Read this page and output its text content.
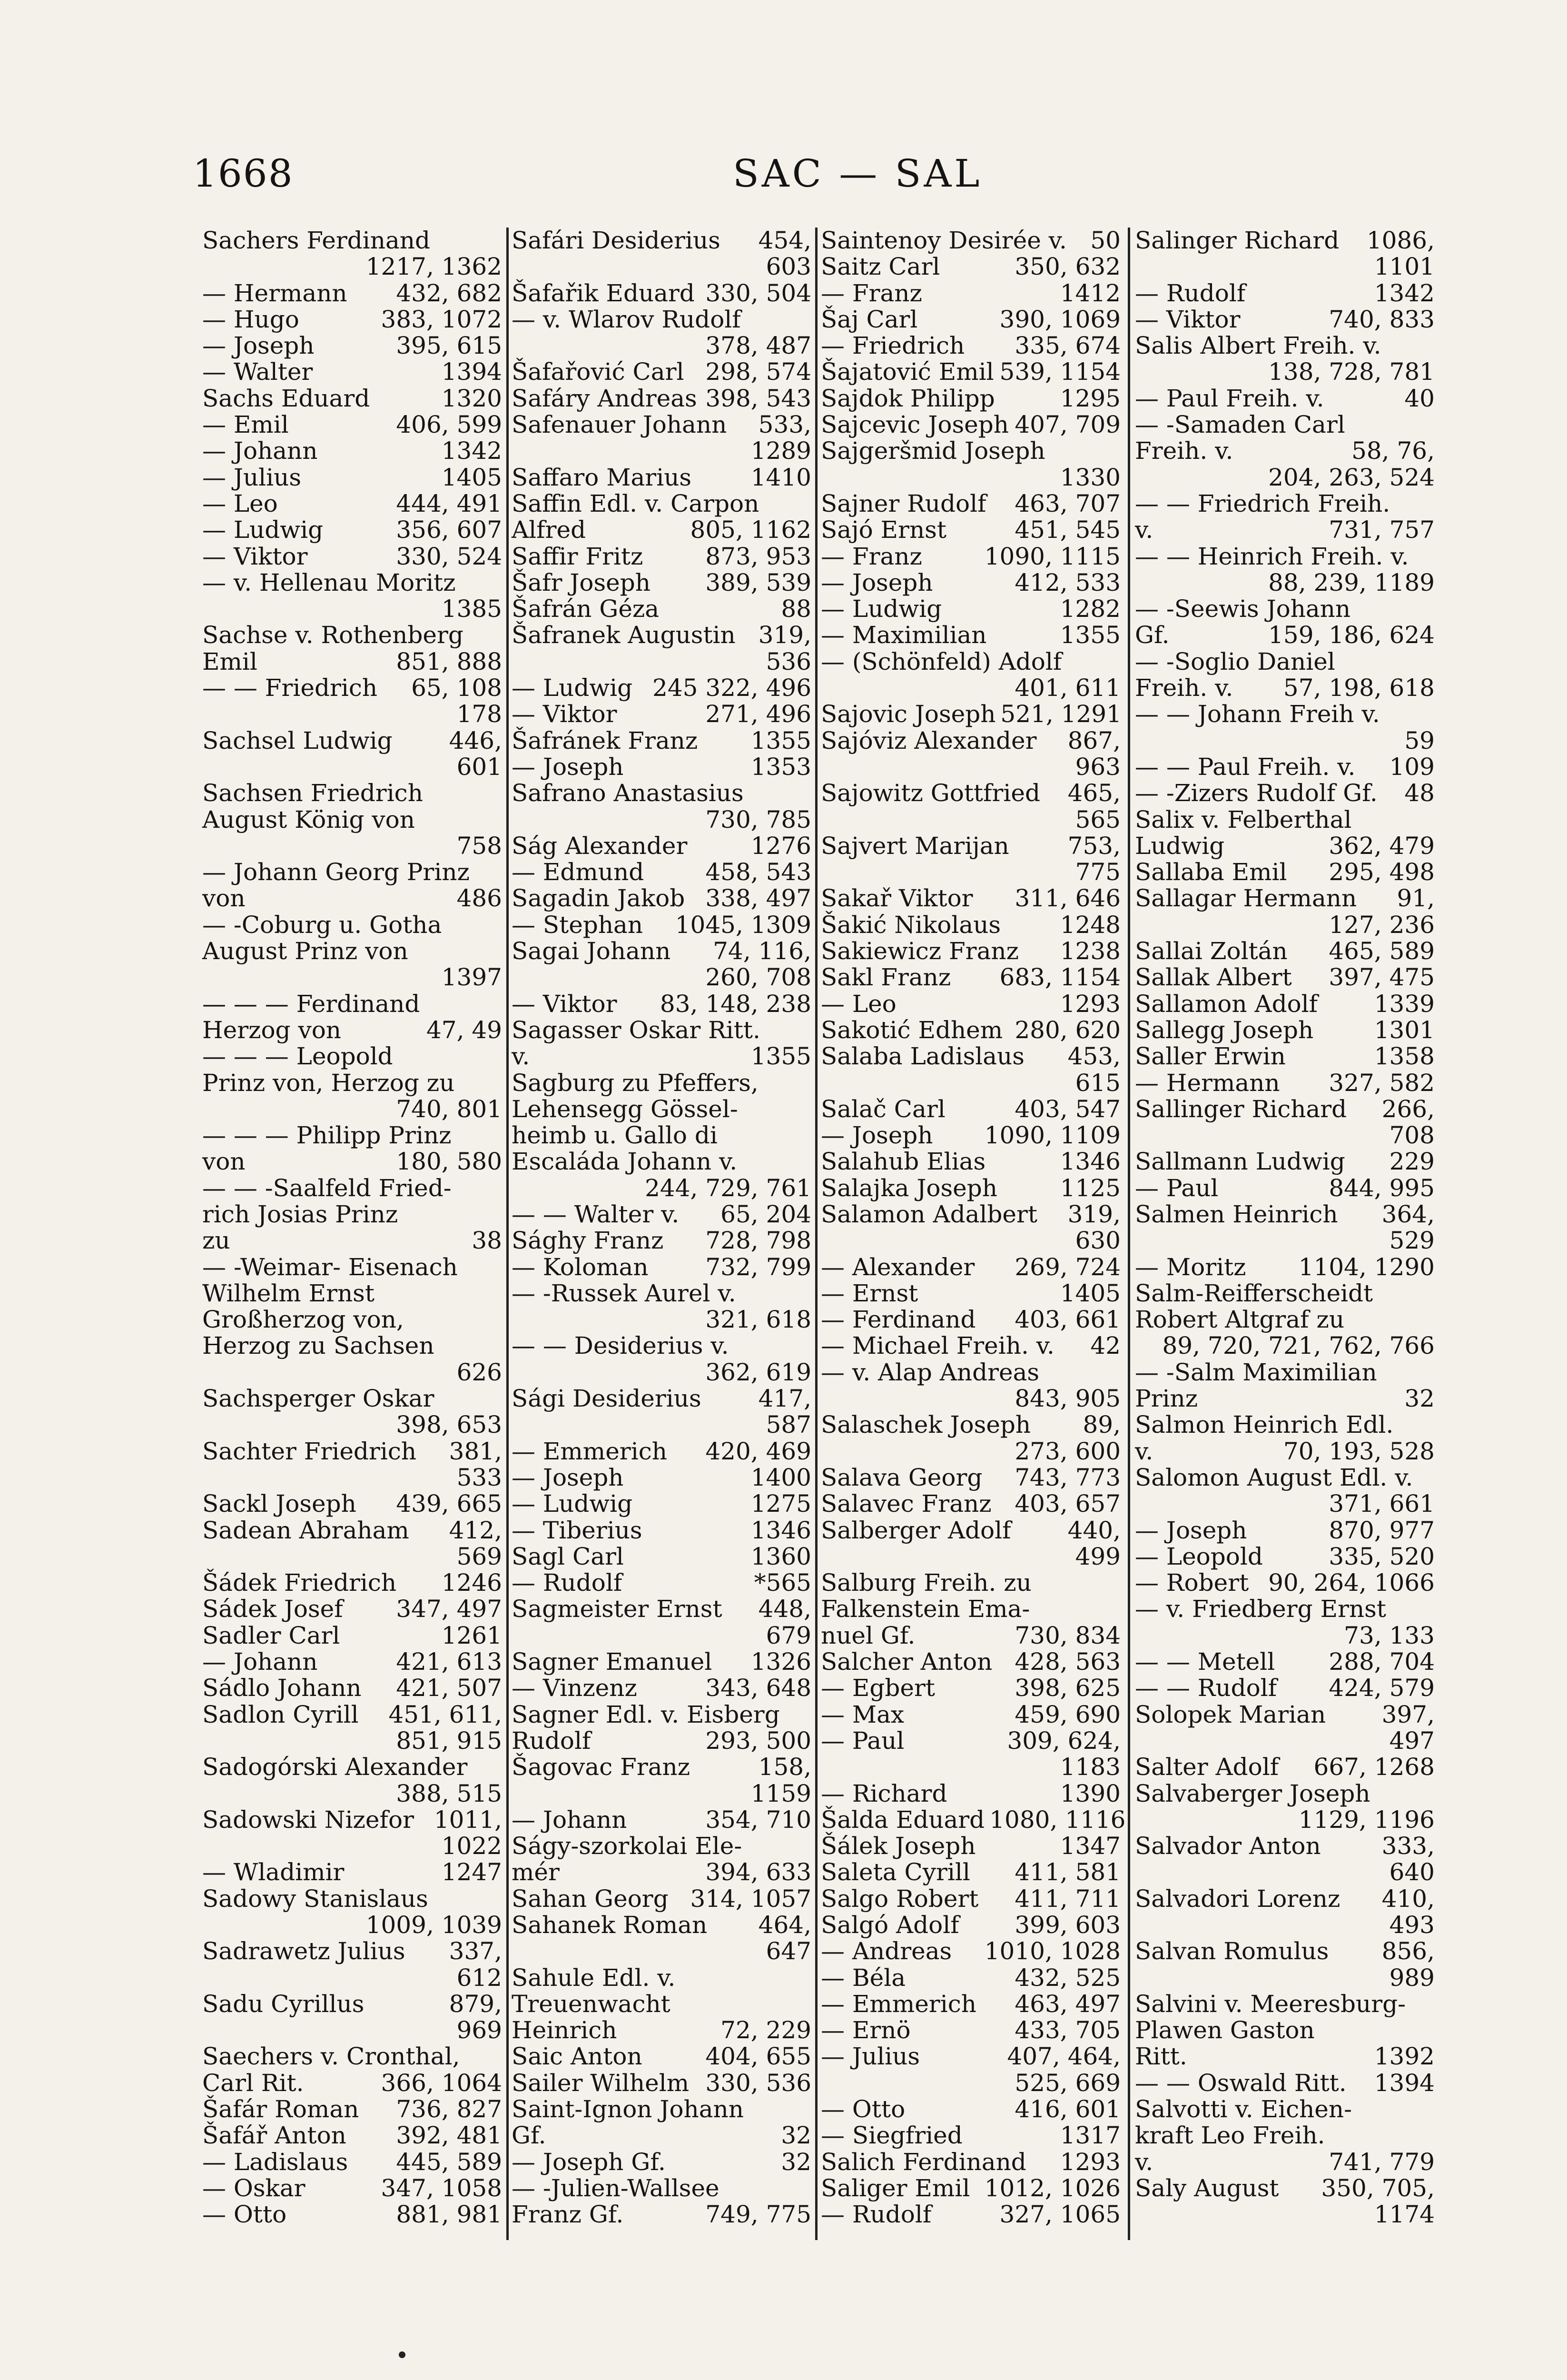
1668	SAC — SAL
Sachers Ferdinand
1217, 1362
— Hermann 432, 682
— Hugo	383, 1072
— Joseph	395, 615
— Walter	1394
Sachs Eduard	1320
— Emil	406, 599
— Johann	1342
— Julius	1405
— Leo	444, 491
— Ludwig	356, 607
— Viktor	330, 524
— v. Hellenau Moritz
1385
Sachse v. Rothenberg
Emil	851, 888
— — Friedrich 65, 108
178
Sachsel Ludwig 446,
601
Sachsen Friedrich
August König von
758
— Johann Georg Prinz
von	486
— -Coburg u. Gotha
August Prinz von
1397
— — — Ferdinand
Herzog von	47, 49
— — — Leopold
Prinz von, Herzog zu
740, 801
— — — Philipp Prinz
von	180, 580
— — -Saalfeld Fried-
rich Josias Prinz
zu	38
— -Weimar- Eisenach
Wilhelm Ernst
Großherzog von,
Herzog zu Sachsen
626
Sachsperger Oskar
398, 653
Sachter Friedrich 381,
533
Sackl Joseph 439, 665
Sadean Abraham 412,
569
Šádek Friedrich 1246
Sádek Josef 347, 497
Sadler Carl	1261
— Johann	421, 613
Sádlo Johann 421, 507
Sadlon Cyrill 451, 611,
851, 915
Sadogórski Alexander
388, 515
Sadowski Nizefor 1011,
1022
— Wladimir	1247
Sadowy Stanislaus
1009, 1039
Sadrawetz Julius 337,
612
Sadu Cyrillus	879,
969
Saechers v. Cronthal,
Carl Rit.	366, 1064
Šafár Roman 736, 827
Šafář Anton 392, 481
— Ladislaus 445, 589
— Oskar	347, 1058
— Otto	881, 981
Safári Desiderius 454,
603
Šafařik Eduard 330, 504
— v. Wlarov Rudolf
378, 487
Šafařović Carl 298, 574
Safáry Andreas 398, 543
Safenauer Johann 533,
1289
Saffaro Marius 1410
Saffin Edl. v. Carpon
Alfred	805, 1162
Saffir Fritz	873, 953
Šafr Joseph 389, 539
Šafrán Géza	88
Šafranek Augustin 319,
536
— Ludwig 245 322, 496
— Viktor	271, 496
Šafránek Franz 1355
— Joseph	1353
Safrano Anastasius
730, 785
Ság Alexander	1276
— Edmund	458, 543
Sagadin Jakob 338, 497
— Stephan 1045, 1309
Sagai Johann 74, 116,
260, 708
— Viktor 83, 148, 238
Sagasser Oskar Ritt.
v.	1355
Sagburg zu Pfeffers,
Lehensegg Gössel-
heimb u. Gallo di
Escaláda Johann v.
244, 729, 761
— — Walter v. 65, 204
Sághy Franz 728, 798
— Koloman 732, 799
— -Russek Aurel v.
321, 618
— — Desiderius v.
362, 619
Sági Desiderius 417,
587
— Emmerich 420, 469
— Joseph	1400
— Ludwig	1275
— Tiberius	1346
Sagl Carl	1360
— Rudolf	*565
Sagmeister Ernst 448,
679
Sagner Emanuel 1326
— Vinzenz	343, 648
Sagner Edl. v. Eisberg
Rudolf	293, 500
Šagovac Franz	158,
1159
— Johann	354, 710
Ságy-szorkolai Ele-
mér	394, 633
Sahan Georg 314, 1057
Sahanek Roman 464,
647
Sahule Edl. v.
Treuenwacht
Heinrich	72, 229
Saic Anton	404, 655
Sailer Wilhelm 330, 536
Saint-Ignon Johann
Gf.	32
— Joseph Gf.	32
— -Julien-Wallsee
Franz Gf.	749, 775
Saintenoy Desirée v. 50
Saitz Carl	350, 632
— Franz	1412
Šaj Carl	390, 1069
— Friedrich 335, 674
Šajatović Emil 539, 1154
Sajdok Philipp	1295
Sajcevic Joseph 407, 709
Sajgeršmid Joseph
1330
Sajner Rudolf 463, 707
Sajó Ernst	451, 545
— Franz	1090, 1115
— Joseph	412, 533
— Ludwig	1282
— Maximilian	1355
— (Schönfeld) Adolf
401, 611
Sajovic Joseph 521, 1291
Sajóviz Alexander 867,
963
Sajowitz Gottfried 465,
565
Sajvert Marijan 753,
775
Sakař Viktor 311, 646
Šakić Nikolaus 1248
Sakiewicz Franz 1238
Sakl Franz 683, 1154
— Leo	1293
Sakotić Edhem 280, 620
Salaba Ladislaus 453,
615
Salač Carl	403, 547
— Joseph 1090, 1109
Salahub Elias	1346
Salajka Joseph	1125
Salamon Adalbert 319,
630
— Alexander 269, 724
— Ernst	1405
— Ferdinand 403, 661
— Michael Freih. v. 42
— v. Alap Andreas
843, 905
Salaschek Joseph 89,
273, 600
Salava Georg 743, 773
Salavec Franz 403, 657
Salberger Adolf 440,
499
Salburg Freih. zu
Falkenstein Ema-
nuel Gf.	730, 834
Salcher Anton 428, 563
— Egbert	398, 625
— Max	459, 690
— Paul	309, 624,
1183
— Richard	1390
Šalda Eduard 1080, 1116
Šálek Joseph	1347
Saleta Cyrill 411, 581
Salgo Robert 411, 711
Salgó Adolf 399, 603
— Andreas 1010, 1028
— Béla	432, 525
— Emmerich 463, 497
— Ernö	433, 705
— Julius	407, 464,
525, 669
— Otto	416, 601
— Siegfried	1317
Salich Ferdinand 1293
Saliger Emil 1012, 1026
— Rudolf	327, 1065
Salinger Richard 1086,
1101
— Rudolf	1342
— Viktor	740, 833
Salis Albert Freih. v.
138, 728, 781
— Paul Freih. v.	40
— -Samaden Carl
Freih. v.	58, 76,
204, 263, 524
— — Friedrich Freih.
v.	731, 757
— — Heinrich Freih. v.
88, 239, 1189
— -Seewis Johann
Gf.	159, 186, 624
— -Soglio Daniel
Freih. v. 57, 198, 618
— — Johann Freih v.
59
— — Paul Freih. v. 109
— -Zizers Rudolf Gf. 48
Salix v. Felberthal
Ludwig	362, 479
Sallaba Emil 295, 498
Sallagar Hermann 91,
127, 236
Sallai Zoltán 465, 589
Sallak Albert 397, 475
Sallamon Adolf 1339
Sallegg Joseph	1301
Saller Erwin	1358
— Hermann 327, 582
Sallinger Richard 266,
708
Sallmann Ludwig 229
— Paul	844, 995
Salmen Heinrich 364,
529
— Moritz 1104, 1290
Salm-Reifferscheidt
Robert Altgraf zu
89, 720, 721, 762, 766
— -Salm Maximilian
Prinz	32
Salmon Heinrich Edl.
v.	70, 193, 528
Salomon August Edl. v.
371, 661
— Joseph	870, 977
— Leopold	335, 520
— Robert 90, 264, 1066
— v. Friedberg Ernst
73, 133
— — Metell 288, 704
— — Rudolf 424, 579
Solopek Marian 397,
497
Salter Adolf 667, 1268
Salvaberger Joseph
1129, 1196
Salvador Anton	333,
640
Salvadori Lorenz 410,
493
Salvan Romulus 856,
989
Salvini v. Meeresburg-
Plawen Gaston
Ritt.	1392
— — Oswald Ritt. 1394
Salvotti v. Eichen-
kraft Leo Freih.
v.	741, 779
Saly August 350, 705,
1174
